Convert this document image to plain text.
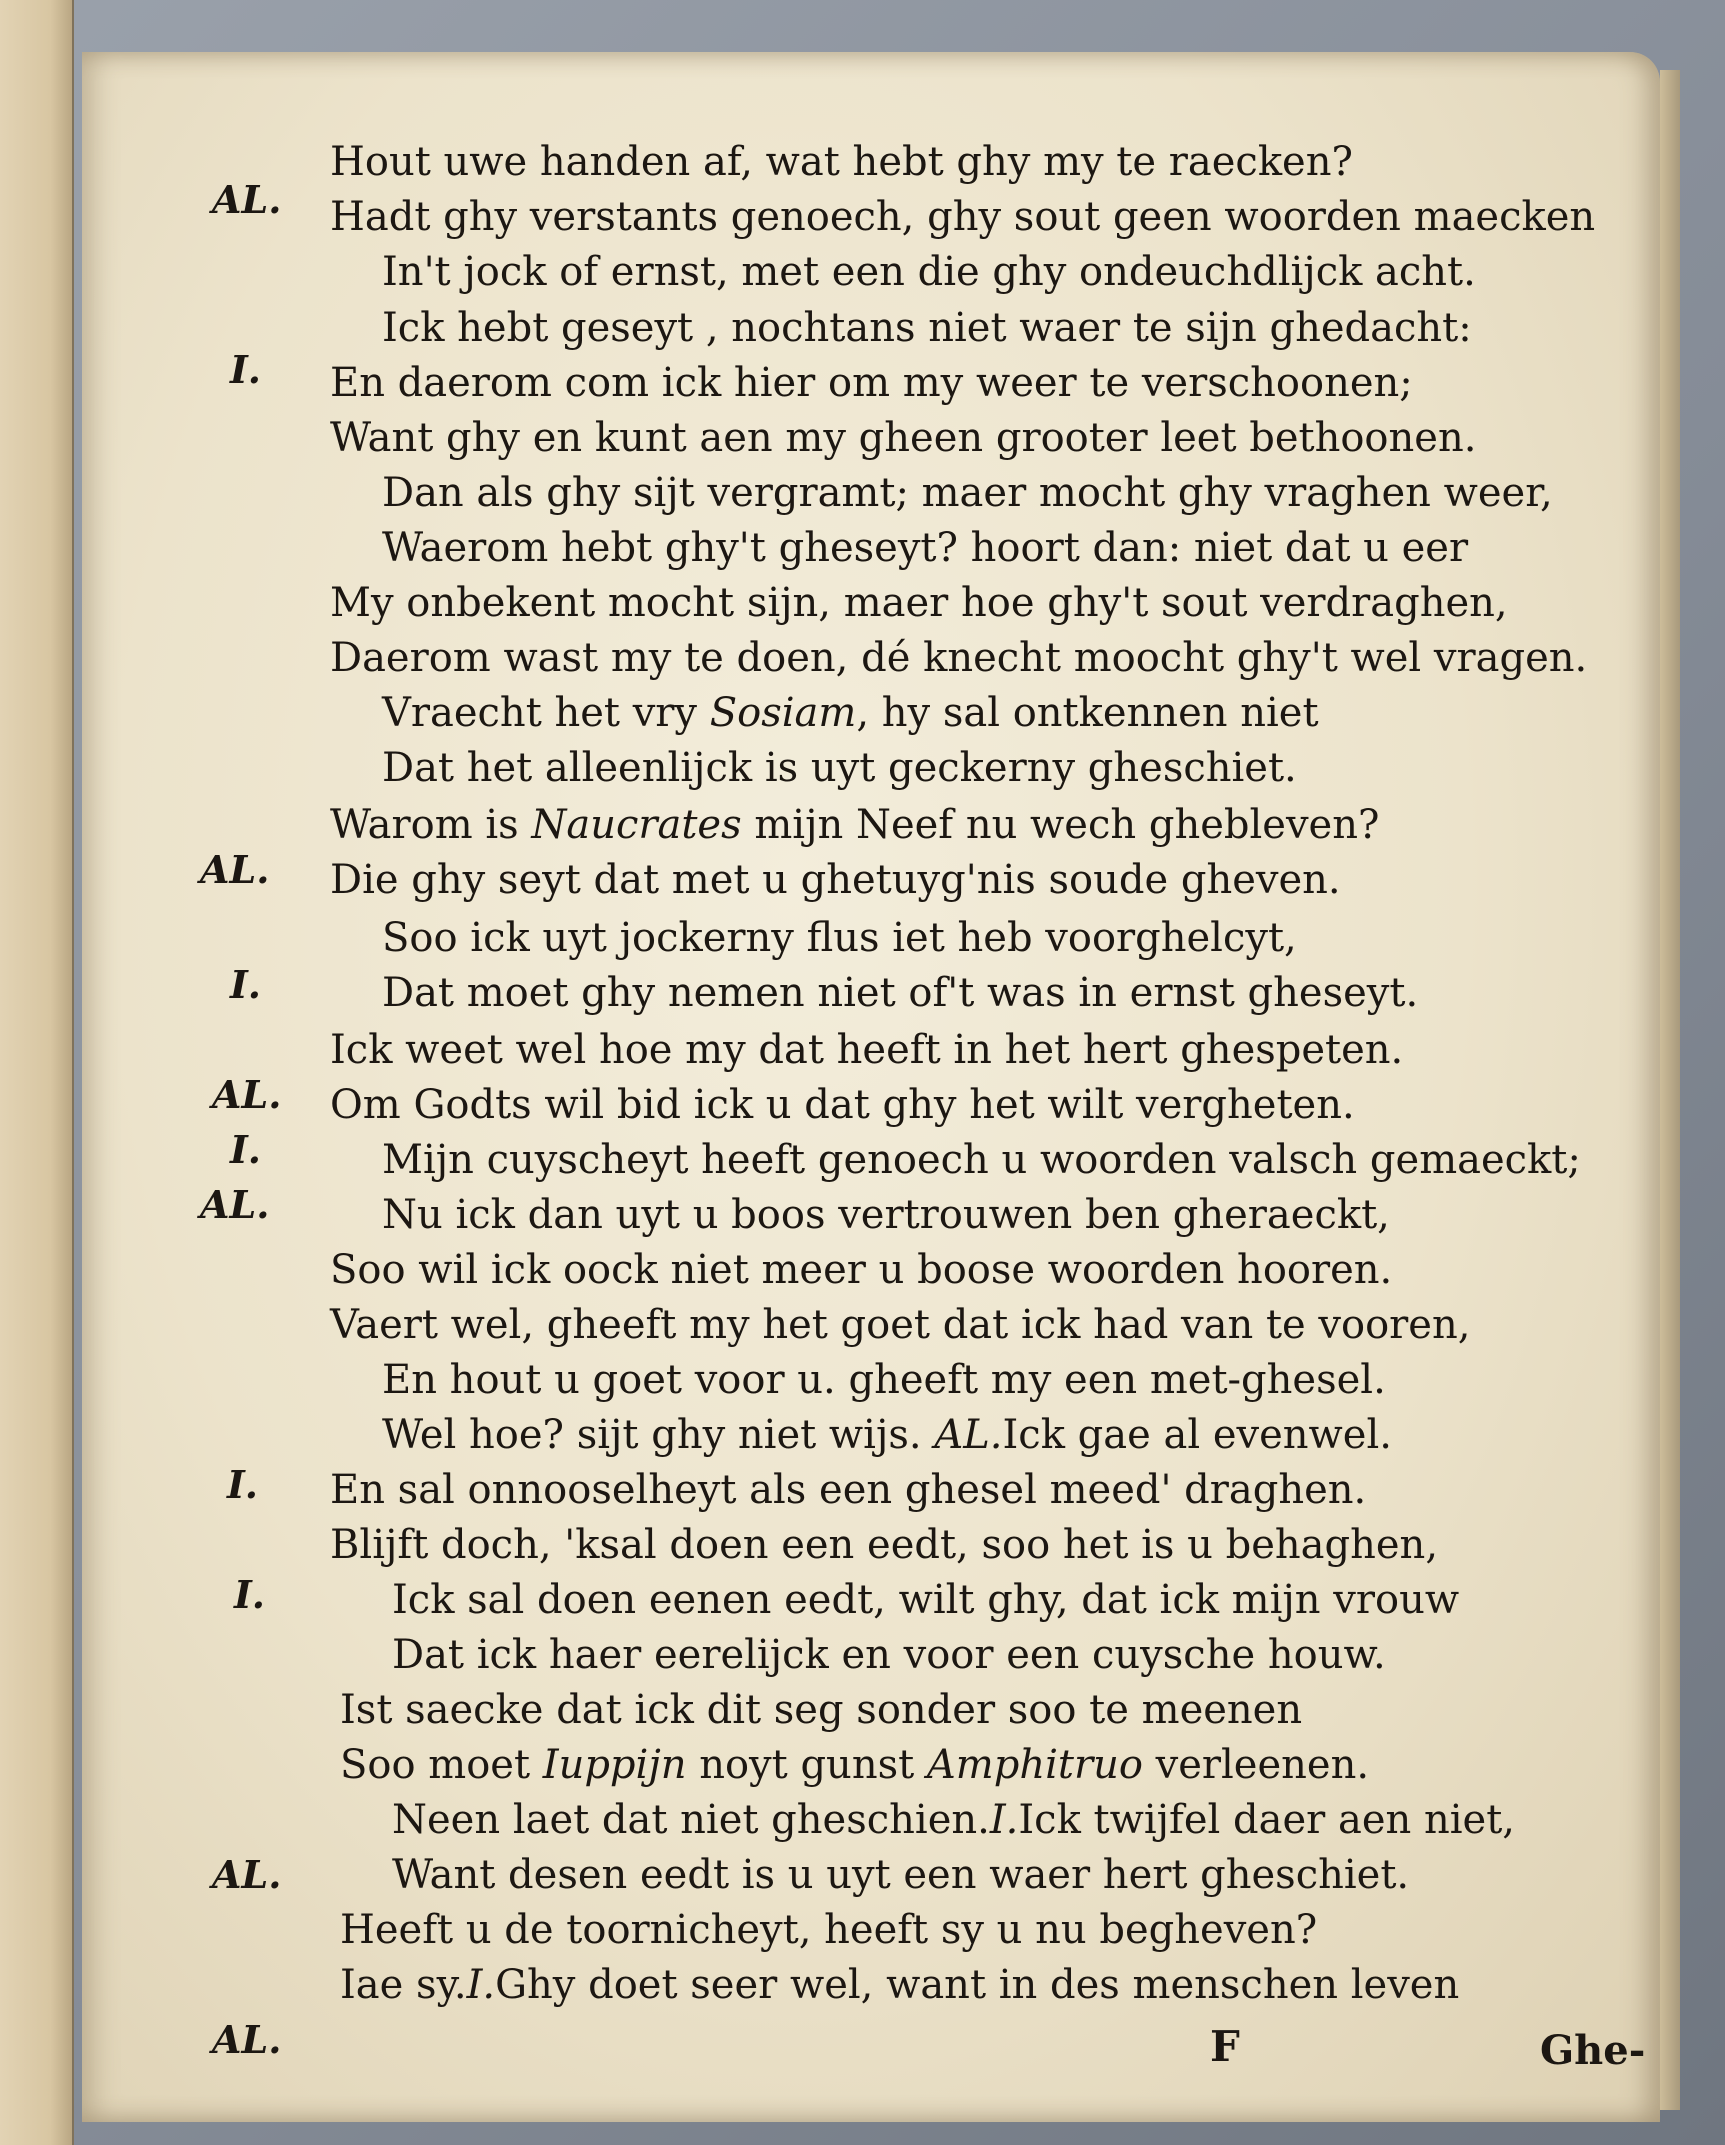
AL.
I.
AL.
I.
AL.
I.
AL.
I.
I.
AL.
AL.
Hout uwe handen af, wat hebt ghy my te raecken?
Hadt ghy verstants genoech, ghy sout geen woorden maecken
In't jock of ernst, met een die ghy ondeuchdlijck acht.
Ick hebt geseyt , nochtans niet waer te sijn ghedacht:
En daerom com ick hier om my weer te verschoonen;
Want ghy en kunt aen my gheen grooter leet bethoonen.
Dan als ghy sijt vergramt; maer mocht ghy vraghen weer,
Waerom hebt ghy't gheseyt? hoort dan: niet dat u eer
My onbekent mocht sijn, maer hoe ghy't sout verdraghen,
Daerom wast my te doen, dé knecht moocht ghy't wel vragen.
Vraecht het vry Sosiam, hy sal ontkennen niet
Dat het alleenlijck is uyt geckerny gheschiet.
Warom is Naucrates mijn Neef nu wech ghebleven?
Die ghy seyt dat met u ghetuyg'nis soude gheven.
Soo ick uyt jockerny flus iet heb voorghelcyt,
Dat moet ghy nemen niet of't was in ernst gheseyt.
Ick weet wel hoe my dat heeft in het hert ghespeten.
Om Godts wil bid ick u dat ghy het wilt vergheten.
Mijn cuyscheyt heeft genoech u woorden valsch gemaeckt;
Nu ick dan uyt u boos vertrouwen ben gheraeckt,
Soo wil ick oock niet meer u boose woorden hooren.
Vaert wel, gheeft my het goet dat ick had van te vooren,
En hout u goet voor u. gheeft my een met-ghesel.
Wel hoe? sijt ghy niet wijs. AL.Ick gae al evenwel.
En sal onnooselheyt als een ghesel meed' draghen.
Blijft doch, 'ksal doen een eedt, soo het is u behaghen,
Ick sal doen eenen eedt, wilt ghy, dat ick mijn vrouw
Dat ick haer eerelijck en voor een cuysche houw.
Ist saecke dat ick dit seg sonder soo te meenen
Soo moet Iuppijn noyt gunst Amphitruo verleenen.
Neen laet dat niet gheschien.I.Ick twijfel daer aen niet,
Want desen eedt is u uyt een waer hert gheschiet.
Heeft u de toornicheyt, heeft sy u nu begheven?
Iae sy.I.Ghy doet seer wel, want in des menschen leven
F	Ghe-
